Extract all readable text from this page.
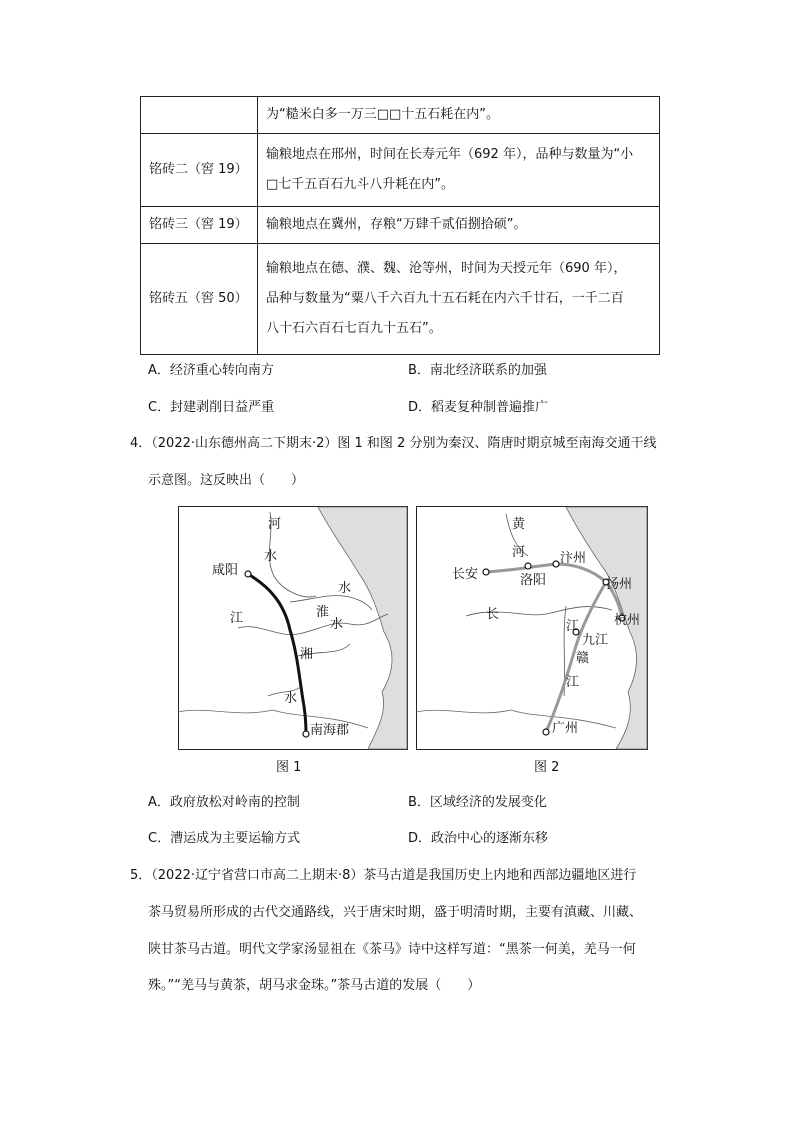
	为“糙米白多一万三□□十五石耗在内”。

铭砖二（窖 19）	输粮地点在邢州，时间在长寿元年（692 年），品种与数量为“小
□七千五百石九斗八升耗在内”。

铭砖三（窖 19）	输粮地点在冀州，存粮“万肆千贰佰捌拾硕”。

铭砖五（窖 50）	输粮地点在德、濮、魏、沧等州，时间为天授元年（690 年），
品种与数量为“粟八千六百九十五石耗在内六千廿石，一千二百
八十石六百石七百九十五石”。
A．经济重心转向南方	B．南北经济联系的加强
C．封建剥削日益严重	D．稻麦复种制普遍推广
4．（2022·山东德州高二下期末·2）图 1 和图 2 分别为秦汉、隋唐时期京城至南海交通干线
示意图。这反映出（　　）
河
水
咸阳
淮
水
江	水
湘
水
南海郡
图 1
黄
河
长安
汴州
洛阳	扬州
长	杭州
江
九江
赣
江
广州
图 2
A．政府放松对岭南的控制	B．区域经济的发展变化
C．漕运成为主要运输方式	D．政治中心的逐渐东移
5．（2022·辽宁省营口市高二上期末·8）茶马古道是我国历史上内地和西部边疆地区进行
茶马贸易所形成的古代交通路线，兴于唐宋时期，盛于明清时期，主要有滇藏、川藏、
陕甘茶马古道。明代文学家汤显祖在《茶马》诗中这样写道：“黑茶一何美，羌马一何
殊。”“羌马与黄茶，胡马求金珠。”茶马古道的发展（　　）
